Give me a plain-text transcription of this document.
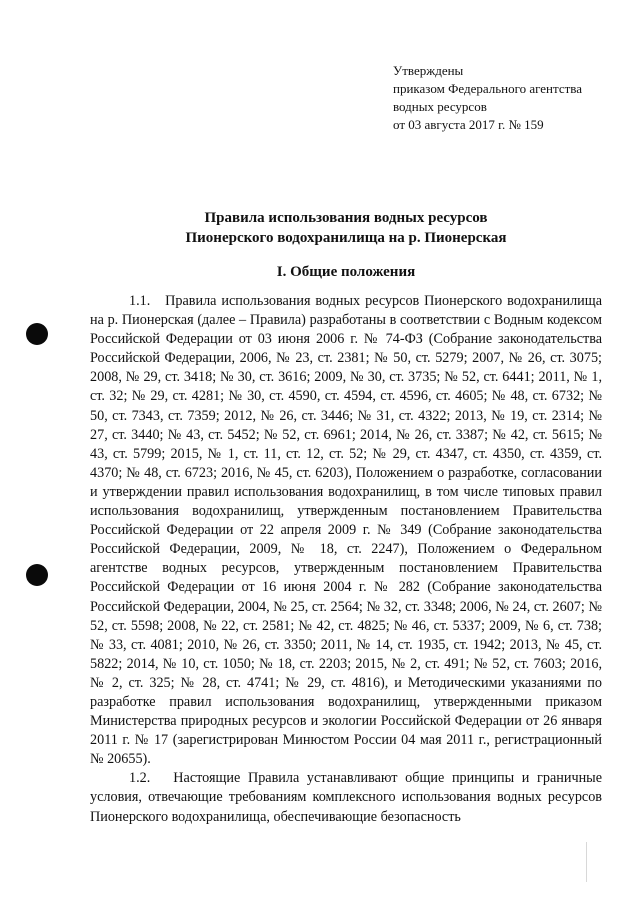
Утверждены
приказом Федерального агентства
водных ресурсов
от 03 августа 2017 г. № 159
Правила использования водных ресурсов
Пионерского водохранилища на р. Пионерская
I. Общие положения

1.1. Правила использования водных ресурсов Пионерского водохранилища на р. Пионерская (далее – Правила) разработаны в соответствии с Водным кодексом Российской Федерации от 03 июня 2006 г. № 74-ФЗ (Собрание законодательства Российской Федерации, 2006, № 23, ст. 2381; № 50, ст. 5279; 2007, № 26, ст. 3075; 2008, № 29, ст. 3418; № 30, ст. 3616; 2009, № 30, ст. 3735; № 52, ст. 6441; 2011, № 1, ст. 32; № 29, ст. 4281; № 30, ст. 4590, ст. 4594, ст. 4596, ст. 4605; № 48, ст. 6732; № 50, ст. 7343, ст. 7359; 2012, № 26, ст. 3446; № 31, ст. 4322; 2013, № 19, ст. 2314; № 27, ст. 3440; № 43, ст. 5452; № 52, ст. 6961; 2014, № 26, ст. 3387; № 42, ст. 5615; № 43, ст. 5799; 2015, № 1, ст. 11, ст. 12, ст. 52; № 29, ст. 4347, ст. 4350, ст. 4359, ст. 4370; № 48, ст. 6723; 2016, № 45, ст. 6203), Положением о разработке, согласовании и утверждении правил использования водохранилищ, в том числе типовых правил использования водохранилищ, утвержденным постановлением Правительства Российской Федерации от 22 апреля 2009 г. № 349 (Собрание законодательства Российской Федерации, 2009, № 18, ст. 2247), Положением о Федеральном агентстве водных ресурсов, утвержденным постановлением Правительства Российской Федерации от 16 июня 2004 г. № 282 (Собрание законодательства Российской Федерации, 2004, № 25, ст. 2564; № 32, ст. 3348; 2006, № 24, ст. 2607; № 52, ст. 5598; 2008, № 22, ст. 2581; № 42, ст. 4825; № 46, ст. 5337; 2009, № 6, ст. 738; № 33, ст. 4081; 2010, № 26, ст. 3350; 2011, № 14, ст. 1935, ст. 1942; 2013, № 45, ст. 5822; 2014, № 10, ст. 1050; № 18, ст. 2203; 2015, № 2, ст. 491; № 52, ст. 7603; 2016, № 2, ст. 325; № 28, ст. 4741; № 29, ст. 4816), и Методическими указаниями по разработке правил использования водохранилищ, утвержденными приказом Министерства природных ресурсов и экологии Российской Федерации от 26 января 2011 г. № 17 (зарегистрирован Минюстом России 04 мая 2011 г., регистрационный № 20655).

1.2. Настоящие Правила устанавливают общие принципы и граничные условия, отвечающие требованиям комплексного использования водных ресурсов Пионерского водохранилища, обеспечивающие безопасность
